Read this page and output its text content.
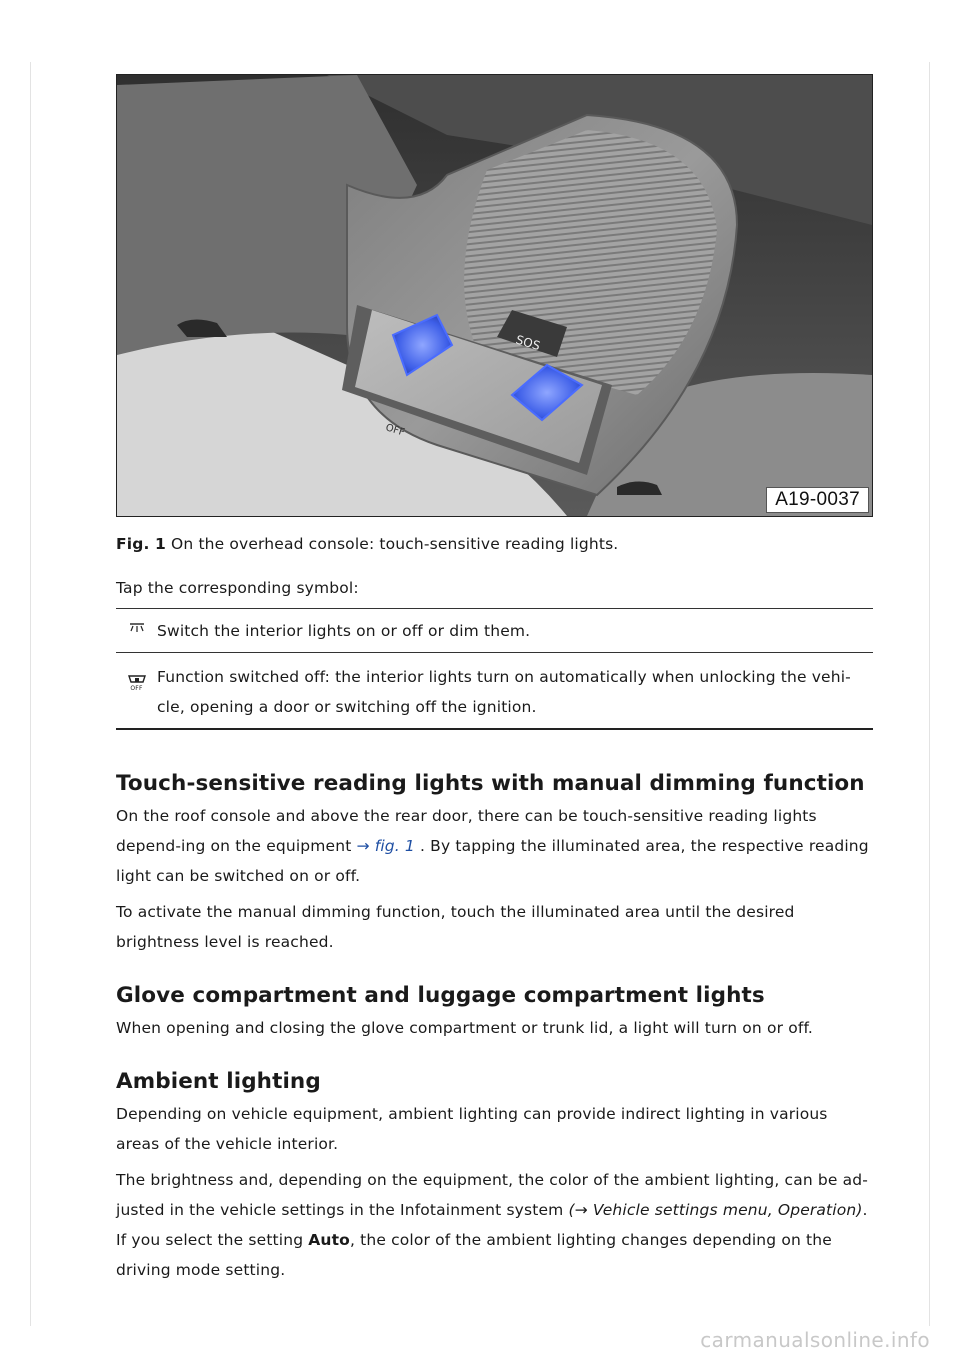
SOS
OFF
A19-0037
Fig. 1 On the overhead console: touch-sensitive reading lights.

Tap the corresponding symbol:

Switch the interior lights on or off or dim them.
OFF
Function switched off: the interior lights turn on automatically when unlocking the vehi-cle, opening a door or switching off the ignition.
Touch-sensitive reading lights with manual dimming function

On the roof console and above the rear door, there can be touch-sensitive reading lights depend-ing on the equipment → fig. 1 . By tapping the illuminated area, the respective reading light can be switched on or off.

To activate the manual dimming function, touch the illuminated area until the desired brightness level is reached.

Glove compartment and luggage compartment lights

When opening and closing the glove compartment or trunk lid, a light will turn on or off.

Ambient lighting

Depending on vehicle equipment, ambient lighting can provide indirect lighting in various areas of the vehicle interior.

The brightness and, depending on the equipment, the color of the ambient lighting, can be ad-justed in the vehicle settings in the Infotainment system (→ Vehicle settings menu, Operation). If you select the setting Auto, the color of the ambient lighting changes depending on the driving mode setting.

carmanualsonline.info
